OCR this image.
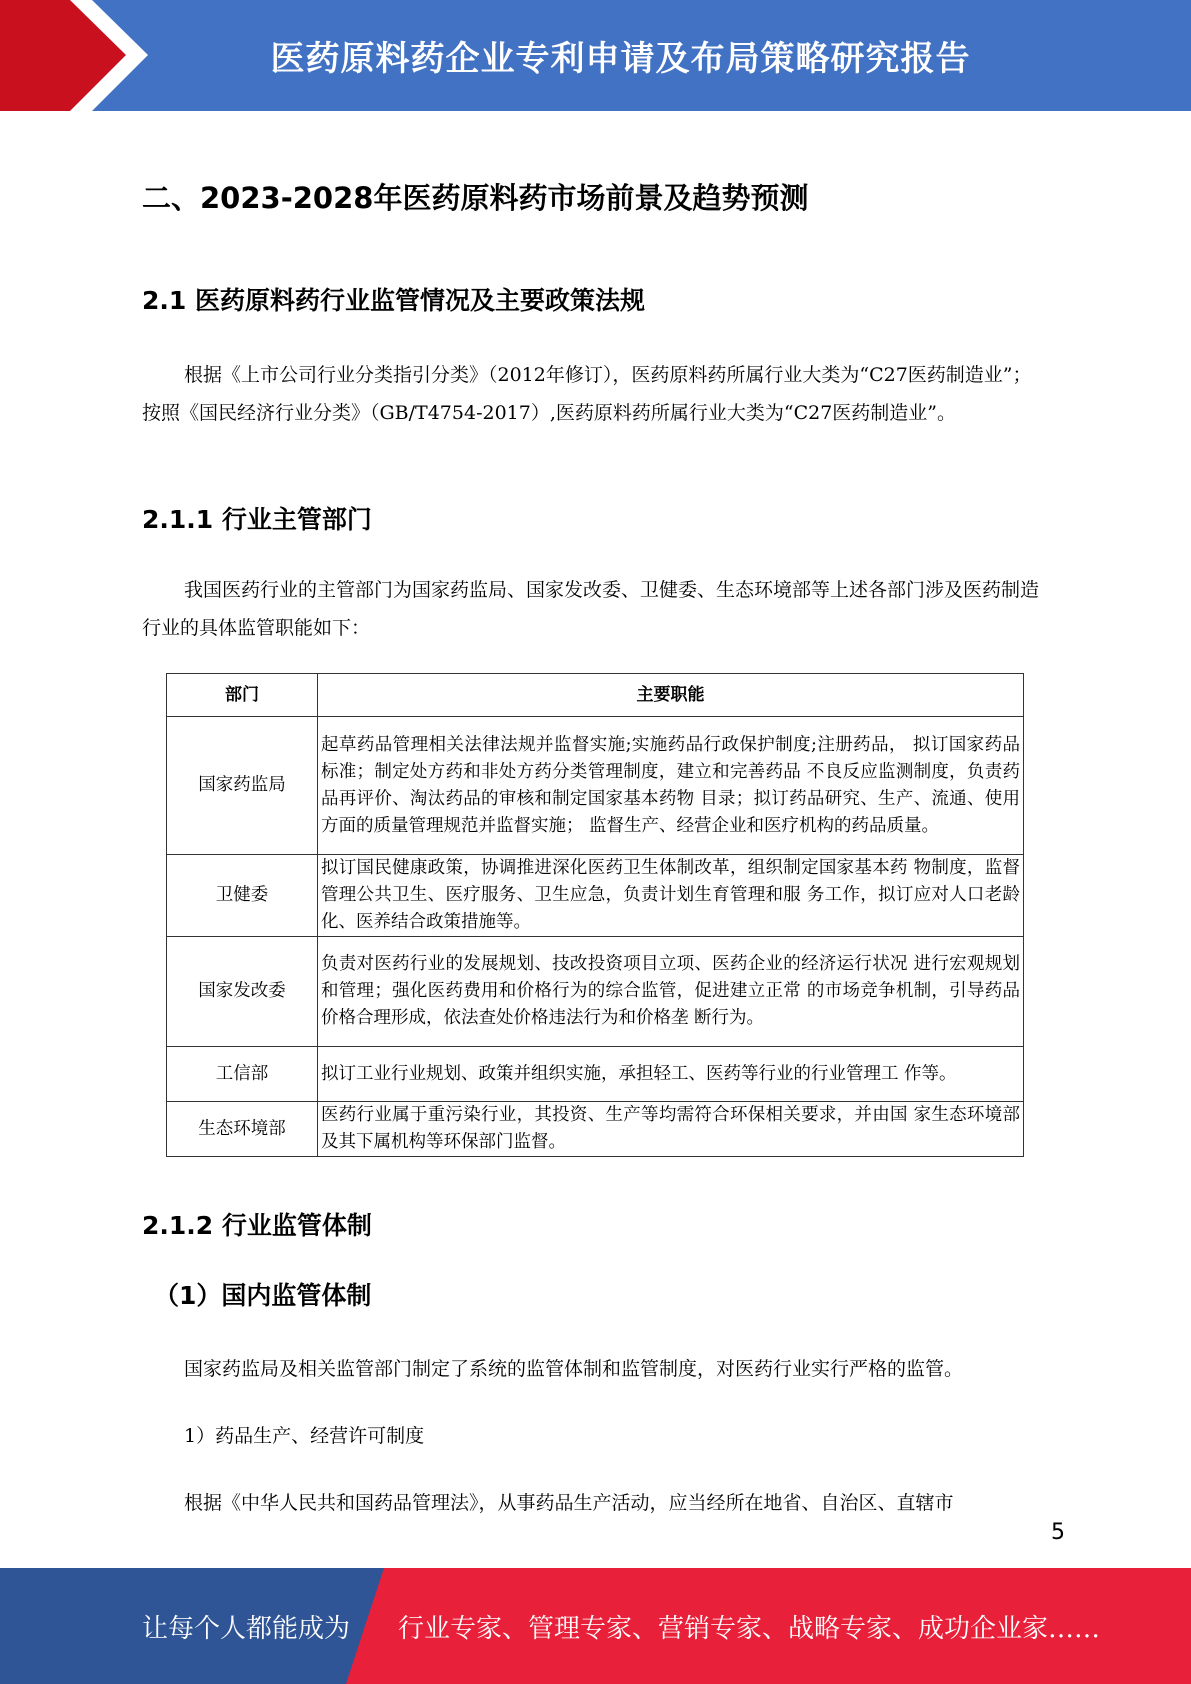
医药原料药企业专利申请及布局策略研究报告
二、2023-2028年医药原料药市场前景及趋势预测
2.1 医药原料药行业监管情况及主要政策法规

根据《上市公司行业分类指引分类》（2012年修订），医药原料药所属行业大类为“C27医药制造业”；按照《国民经济行业分类》（GB/T4754-2017）,医药原料药所属行业大类为“C27医药制造业”。

2.1.1 行业主管部门

我国医药行业的主管部门为国家药监局、国家发改委、卫健委、生态环境部等上述各部门涉及医药制造行业的具体监管职能如下：

部门	主要职能
国家药监局	起草药品管理相关法律法规并监督实施;实施药品行政保护制度;注册药品， 拟订国家药品标准；制定处方药和非处方药分类管理制度，建立和完善药品 不良反应监测制度，负责药品再评价、淘汰药品的审核和制定国家基本药物 目录；拟订药品研究、生产、流通、使用方面的质量管理规范并监督实施； 监督生产、经营企业和医疗机构的药品质量。
卫健委	拟订国民健康政策，协调推进深化医药卫生体制改革，组织制定国家基本药 物制度，监督管理公共卫生、医疗服务、卫生应急，负责计划生育管理和服 务工作，拟订应对人口老龄化、医养结合政策措施等。
国家发改委	负责对医药行业的发展规划、技改投资项目立项、医药企业的经济运行状况 进行宏观规划和管理；强化医药费用和价格行为的综合监管，促进建立正常 的市场竞争机制，引导药品价格合理形成，依法查处价格违法行为和价格垄 断行为。
工信部	拟订工业行业规划、政策并组织实施，承担轻工、医药等行业的行业管理工 作等。
生态环境部	医药行业属于重污染行业，其投资、生产等均需符合环保相关要求，并由国 家生态环境部及其下属机构等环保部门监督。
2.1.2 行业监管体制
（1）国内监管体制

国家药监局及相关监管部门制定了系统的监管体制和监管制度，对医药行业实行严格的监管。

1）药品生产、经营许可制度

根据《中华人民共和国药品管理法》，从事药品生产活动，应当经所在地省、自治区、直辖市

5
让每个人都能成为 行业专家、管理专家、营销专家、战略专家、成功企业家……
